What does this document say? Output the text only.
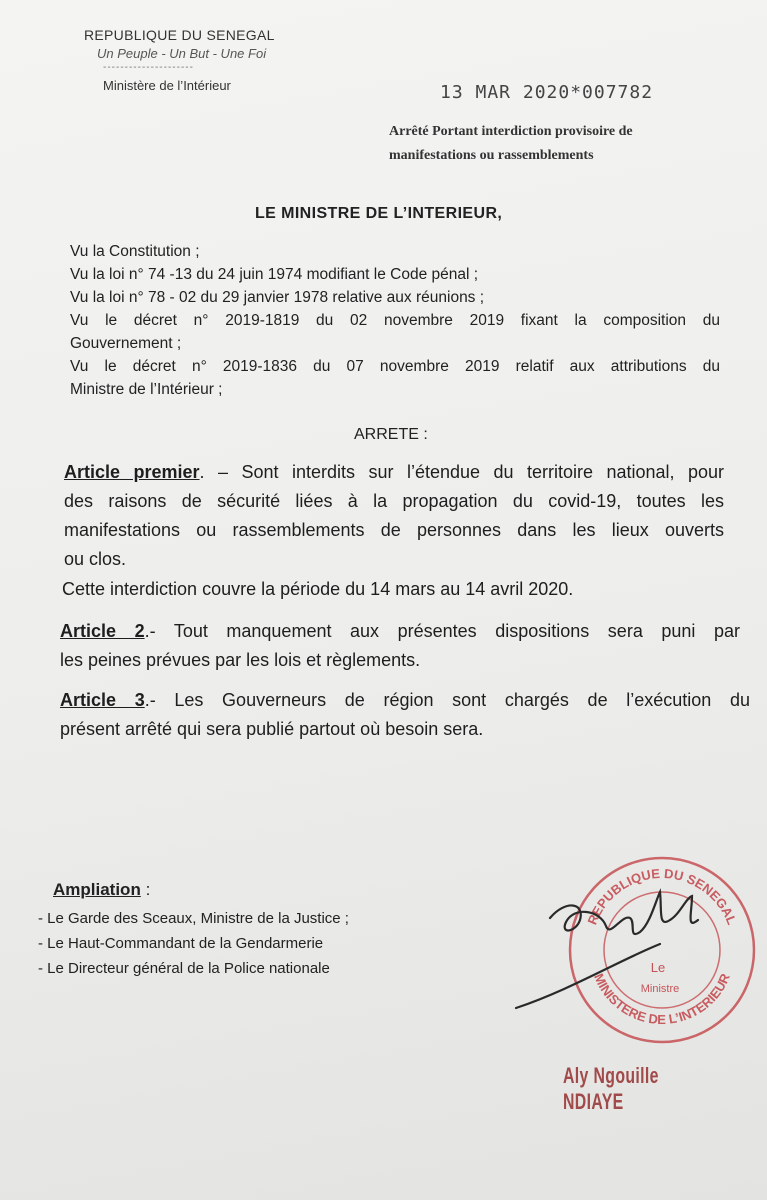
REPUBLIQUE DU SENEGAL
Un Peuple - Un But - Une Foi
---------------------
Ministère de l’Intérieur	13 MAR 2020*007782
Arrêté Portant interdiction provisoire de
manifestations ou rassemblements
LE MINISTRE DE L’INTERIEUR,

Vu la Constitution ;

Vu la loi n° 74 -13 du 24 juin 1974 modifiant le Code pénal ;

Vu la loi n° 78 - 02 du 29 janvier 1978 relative aux réunions ;

Vu le décret n° 2019-1819 du 02 novembre 2019 fixant la composition du

Gouvernement ;

Vu le décret n° 2019-1836 du 07 novembre 2019 relatif aux attributions du

Ministre de l’Intérieur ;

ARRETE :
Article premier. – Sont interdits sur l’étendue du territoire national, pour
des raisons de sécurité liées à la propagation du covid-19, toutes les
manifestations ou rassemblements de personnes dans les lieux ouverts
ou clos.
Cette interdiction couvre la période du 14 mars au 14 avril 2020.
Article 2.- Tout manquement aux présentes dispositions sera puni par
les peines prévues par les lois et règlements.
Article 3.- Les Gouverneurs de région sont chargés de l’exécution du
présent arrêté qui sera publié partout où besoin sera.
Ampliation :
- Le Garde des Sceaux, Ministre de la Justice ;
- Le Haut-Commandant de la Gendarmerie
- Le Directeur général de la Police nationale
REPUBLIQUE DU SENEGAL
MINISTERE DE L’INTERIEUR
Le
Ministre
Aly Ngouille NDIAYE
